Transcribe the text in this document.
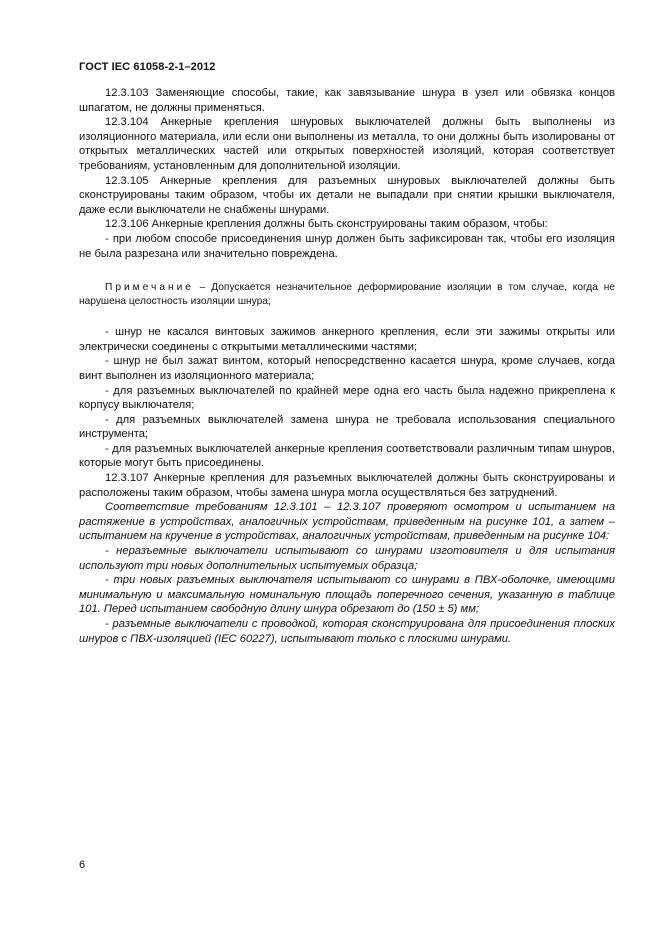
ГОСТ IEC 61058-2-1–2012

12.3.103 Заменяющие способы, такие, как завязывание шнура в узел или обвязка концов шпагатом, не должны применяться.

12.3.104 Анкерные крепления шнуровых выключателей должны быть выполнены из изоляционного материала, или если они выполнены из металла, то они должны быть изолированы от открытых металлических частей или открытых поверхностей изоляций, которая соответствует требованиям, установленным для дополнительной изоляции.

12.3.105 Анкерные крепления для разъемных шнуровых выключателей должны быть сконструированы таким образом, чтобы их детали не выпадали при снятии крышки выключателя, даже если выключатели не снабжены шнурами.

12.3.106 Анкерные крепления должны быть сконструированы таким образом, чтобы:

- при любом способе присоединения шнур должен быть зафиксирован так, чтобы его изоляция не была разрезана или значительно повреждена.

Примечание – Допускается незначительное деформирование изоляции в том случае, когда не нарушена целостность изоляции шнура;

- шнур не касался винтовых зажимов анкерного крепления, если эти зажимы открыты или электрически соединены с открытыми металлическими частями;

- шнур не был зажат винтом, который непосредственно касается шнура, кроме случаев, когда винт выполнен из изоляционного материала;

- для разъемных выключателей по крайней мере одна его часть была надежно прикреплена к корпусу выключателя;

- для разъемных выключателей замена шнура не требовала использования специального инструмента;

- для разъемных выключателей анкерные крепления соответствовали различным типам шнуров, которые могут быть присоединены.

12.3.107 Анкерные крепления для разъемных выключателей должны быть сконструированы и расположены таким образом, чтобы замена шнура могла осуществляться без затруднений.

Соответствие требованиям 12.3.101 – 12.3.107 проверяют осмотром и испытанием на растяжение в устройствах, аналогичных устройствам, приведенным на рисунке 101, а затем – испытанием на кручение в устройствах, аналогичных устройствам, приведенным на рисунке 104:

- неразъемные выключатели испытывают со шнурами изготовителя и для испытания используют три новых дополнительных испытуемых образца;

- три новых разъемных выключателя испытывают со шнурами в ПВХ-оболочке, имеющими минимальную и максимальную номинальную площадь поперечного сечения, указанную в таблице 101. Перед испытанием свободную длину шнура обрезают до (150 ± 5) мм;

- разъемные выключатели с проводкой, которая сконструирована для присоединения плоских шнуров с ПВХ-изоляцией (IEC 60227), испытывают только с плоскими шнурами.

6
